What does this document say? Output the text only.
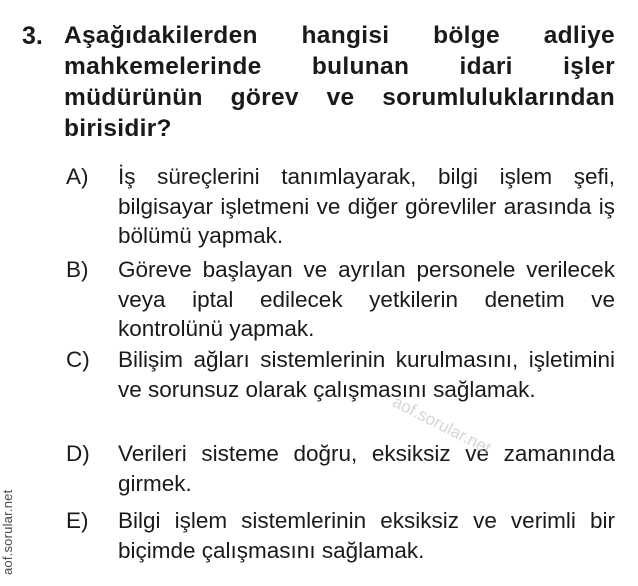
3. Aşağıdakilerden hangisi bölge adliye mahkemelerinde bulunan idari işler müdürünün görev ve sorumluluklarından birisidir?
A) İş süreçlerini tanımlayarak, bilgi işlem şefi, bilgisayar işletmeni ve diğer görevliler arasında iş bölümü yapmak.
B) Göreve başlayan ve ayrılan personele verilecek veya iptal edilecek yetkilerin denetim ve kontrolünü yapmak.
C) Bilişim ağları sistemlerinin kurulmasını, işletimini ve sorunsuz olarak çalışmasını sağlamak.
D) Verileri sisteme doğru, eksiksiz ve zamanında girmek.
E) Bilgi işlem sistemlerinin eksiksiz ve verimli bir biçimde çalışmasını sağlamak.
aof.sorular.net
aof.sorular.net
